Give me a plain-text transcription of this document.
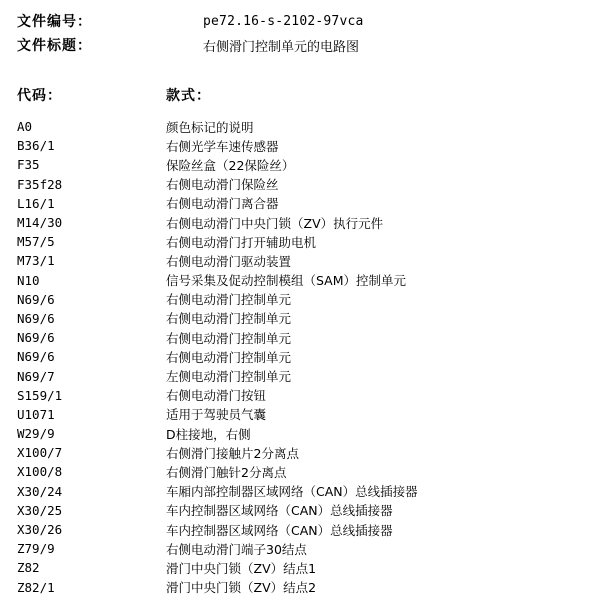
文件编号：	pe72.16-s-2102-97vca
文件标题：	右侧滑门控制单元的电路图
代码：	款式：
A0	颜色标记的说明
B36/1	右侧光学车速传感器
F35	保险丝盒（22保险丝）
F35f28	右侧电动滑门保险丝
L16/1	右侧电动滑门离合器
M14/30	右侧电动滑门中央门锁（ZV）执行元件
M57/5	右侧电动滑门打开辅助电机
M73/1	右侧电动滑门驱动装置
N10	信号采集及促动控制模组（SAM）控制单元
N69/6	右侧电动滑门控制单元
N69/6	右侧电动滑门控制单元
N69/6	右侧电动滑门控制单元
N69/6	右侧电动滑门控制单元
N69/7	左侧电动滑门控制单元
S159/1	右侧电动滑门按钮
U1071	适用于驾驶员气囊
W29/9	D柱接地，右侧
X100/7	右侧滑门接触片2分离点
X100/8	右侧滑门触针2分离点
X30/24	车厢内部控制器区域网络（CAN）总线插接器
X30/25	车内控制器区域网络（CAN）总线插接器
X30/26	车内控制器区域网络（CAN）总线插接器
Z79/9	右侧电动滑门端子30结点
Z82	滑门中央门锁（ZV）结点1
Z82/1	滑门中央门锁（ZV）结点2
